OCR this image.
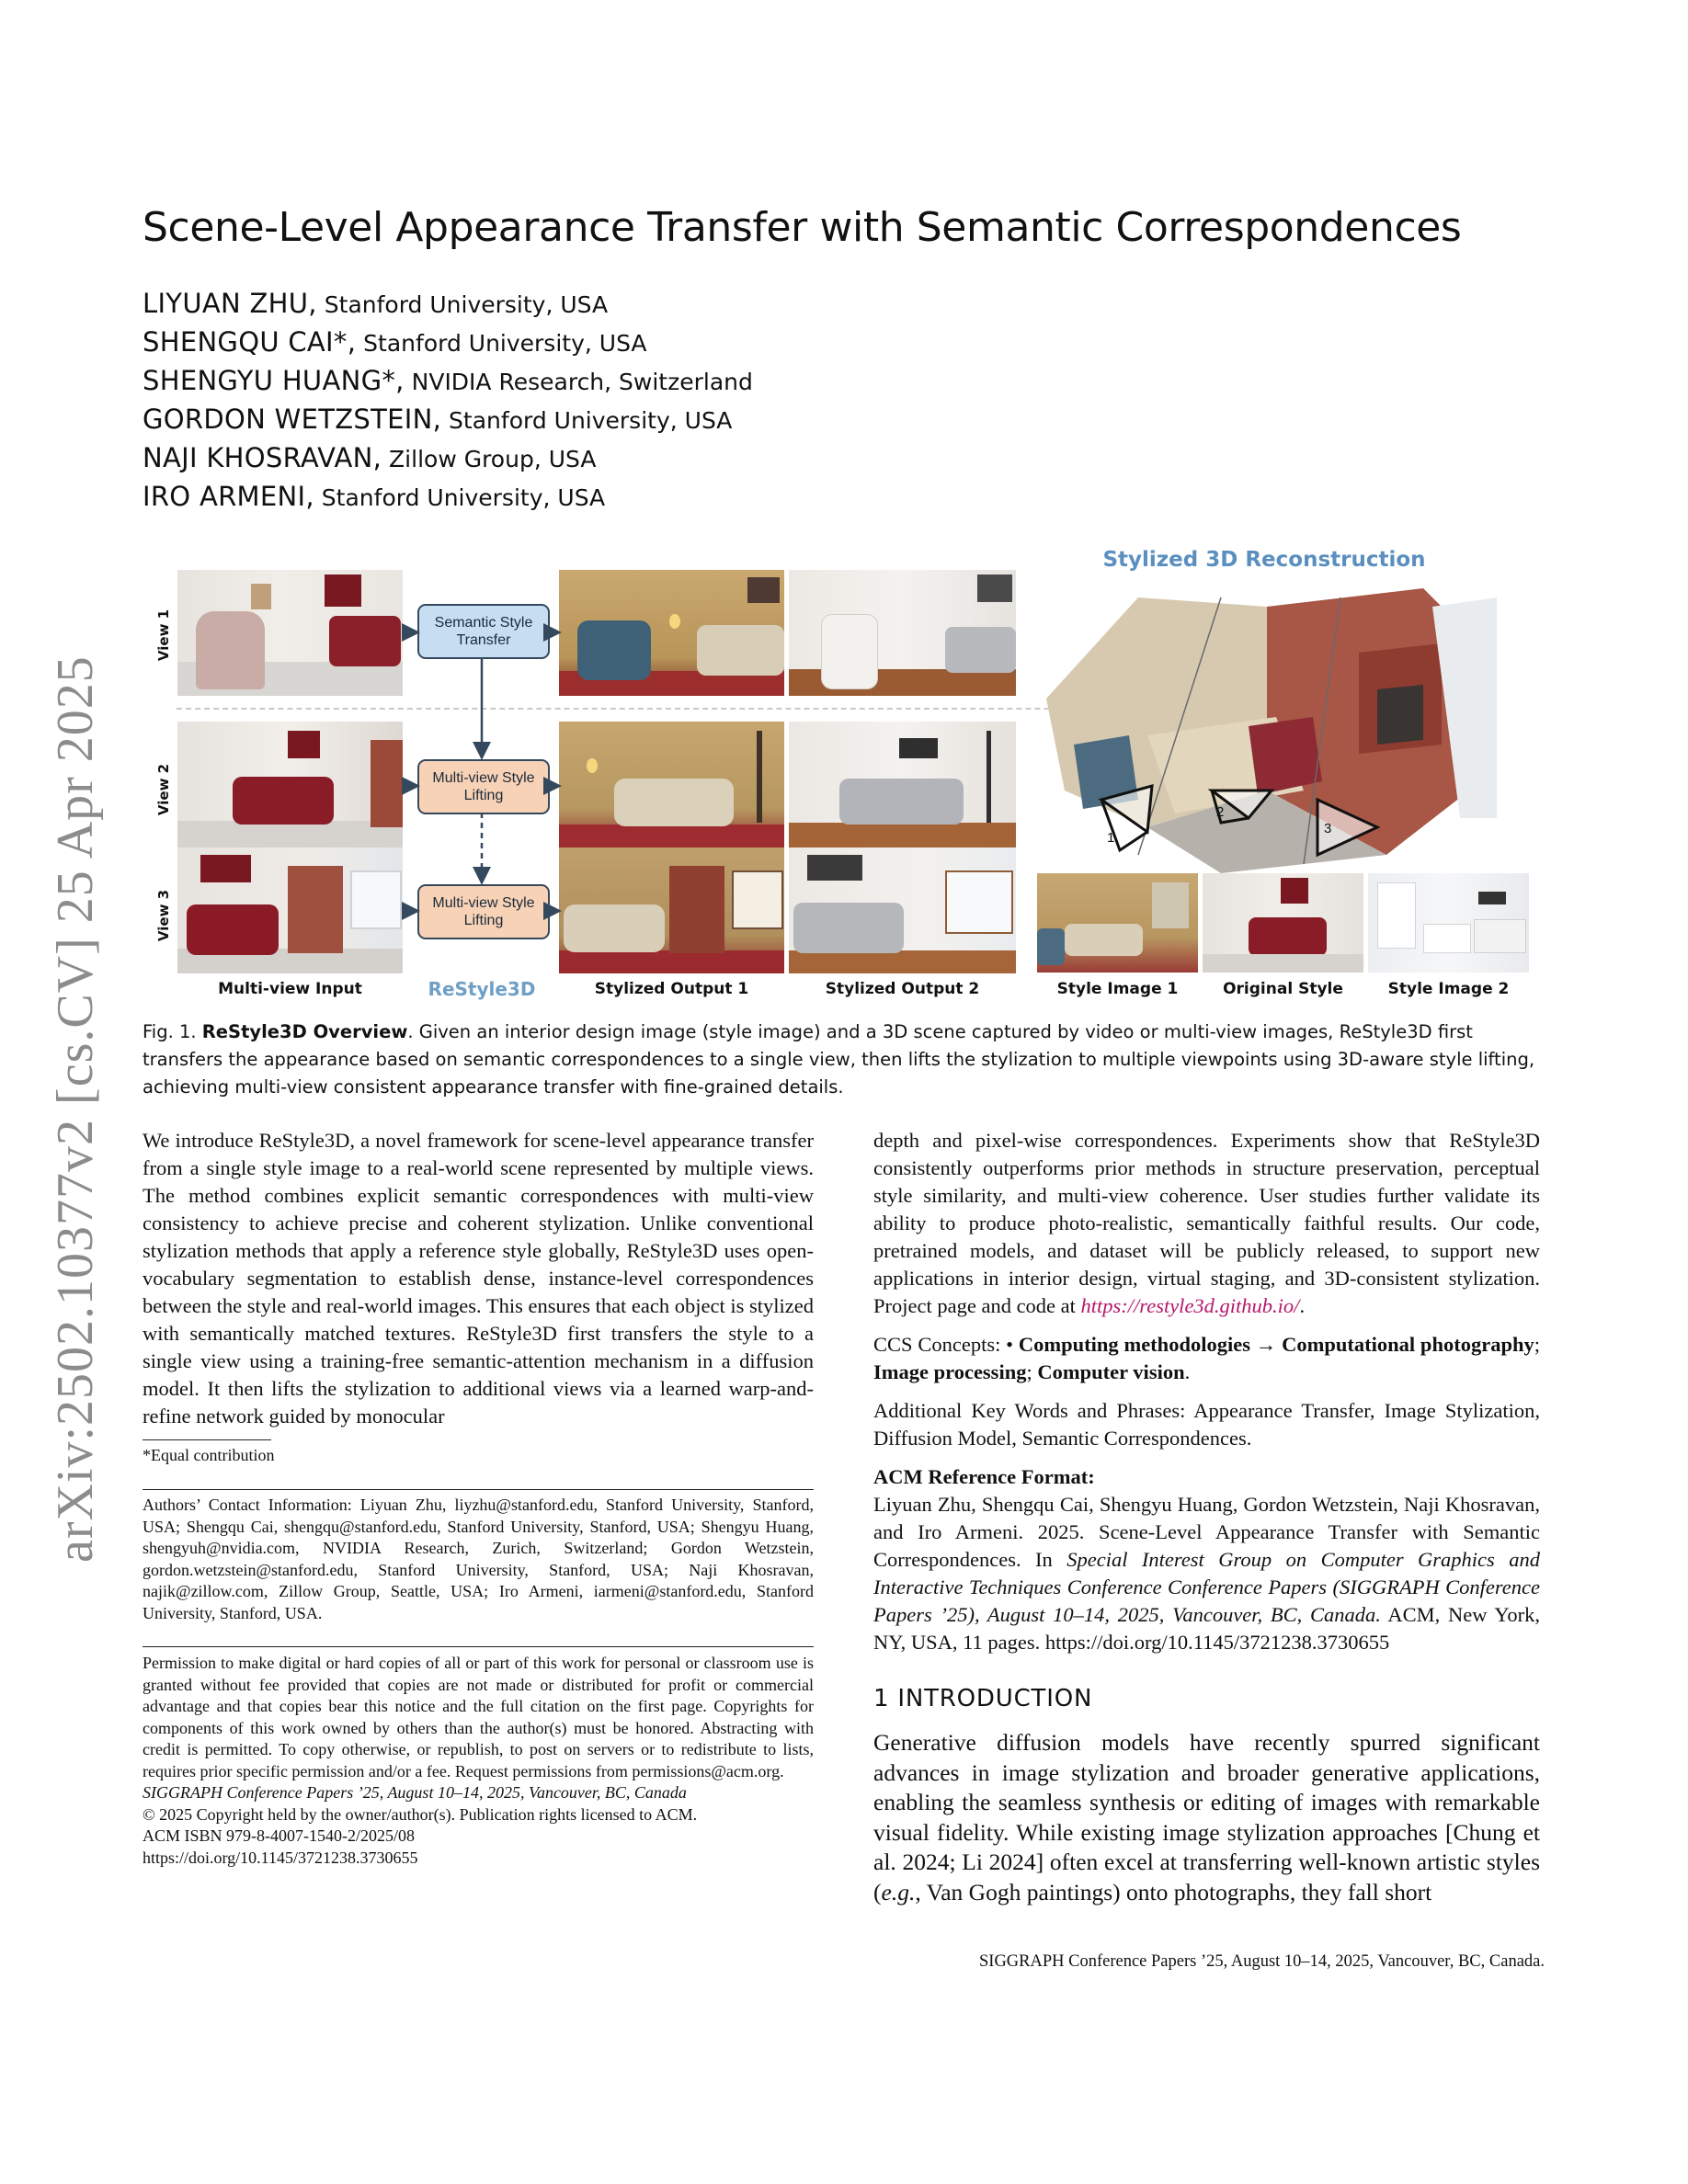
arXiv:2502.10377v2 [cs.CV] 25 Apr 2025
Scene-Level Appearance Transfer with Semantic Correspondences
LIYUAN ZHU, Stanford University, USA
SHENGQU CAI*, Stanford University, USA
SHENGYU HUANG*, NVIDIA Research, Switzerland
GORDON WETZSTEIN, Stanford University, USA
NAJI KHOSRAVAN, Zillow Group, USA
IRO ARMENI, Stanford University, USA
View 1
View 2
View 3
Semantic Style Transfer
Multi-view Style Lifting
Multi-view Style Lifting
Stylized 3D Reconstruction
1
2
3
Multi-view Input	ReStyle3D	Stylized Output 1	Stylized Output 2	Style Image 1	Original Style	Style Image 2

Fig. 1. ReStyle3D Overview. Given an interior design image (style image) and a 3D scene captured by video or multi-view images, ReStyle3D first transfers the appearance based on semantic correspondences to a single view, then lifts the stylization to multiple viewpoints using 3D-aware style lifting, achieving multi-view consistent appearance transfer with fine-grained details.

We introduce ReStyle3D, a novel framework for scene-level appearance transfer from a single style image to a real-world scene represented by multiple views. The method combines explicit semantic correspondences with multi-view consistency to achieve precise and coherent stylization. Unlike conventional stylization methods that apply a reference style globally, ReStyle3D uses open-vocabulary segmentation to establish dense, instance-level correspondences between the style and real-world images. This ensures that each object is stylized with semantically matched textures. ReStyle3D first transfers the style to a single view using a training-free semantic-attention mechanism in a diffusion model. It then lifts the stylization to additional views via a learned warp-and-refine network guided by monocular

*Equal contribution

Authors’ Contact Information: Liyuan Zhu, liyzhu@stanford.edu, Stanford University, Stanford, USA; Shengqu Cai, shengqu@stanford.edu, Stanford University, Stanford, USA; Shengyu Huang, shengyuh@nvidia.com, NVIDIA Research, Zurich, Switzerland; Gordon Wetzstein, gordon.wetzstein@stanford.edu, Stanford University, Stanford, USA; Naji Khosravan, najik@zillow.com, Zillow Group, Seattle, USA; Iro Armeni, iarmeni@stanford.edu, Stanford University, Stanford, USA.

Permission to make digital or hard copies of all or part of this work for personal or classroom use is granted without fee provided that copies are not made or distributed for profit or commercial advantage and that copies bear this notice and the full citation on the first page. Copyrights for components of this work owned by others than the author(s) must be honored. Abstracting with credit is permitted. To copy otherwise, or republish, to post on servers or to redistribute to lists, requires prior specific permission and/or a fee. Request permissions from permissions@acm.org.

SIGGRAPH Conference Papers ’25, August 10–14, 2025, Vancouver, BC, Canada

© 2025 Copyright held by the owner/author(s). Publication rights licensed to ACM.

ACM ISBN 979-8-4007-1540-2/2025/08

https://doi.org/10.1145/3721238.3730655

depth and pixel-wise correspondences. Experiments show that ReStyle3D consistently outperforms prior methods in structure preservation, perceptual style similarity, and multi-view coherence. User studies further validate its ability to produce photo-realistic, semantically faithful results. Our code, pretrained models, and dataset will be publicly released, to support new applications in interior design, virtual staging, and 3D-consistent stylization. Project page and code at https://restyle3d.github.io/.

CCS Concepts: • Computing methodologies → Computational photography; Image processing; Computer vision.

Additional Key Words and Phrases: Appearance Transfer, Image Stylization, Diffusion Model, Semantic Correspondences.

ACM Reference Format:

Liyuan Zhu, Shengqu Cai, Shengyu Huang, Gordon Wetzstein, Naji Khosravan, and Iro Armeni. 2025. Scene-Level Appearance Transfer with Semantic Correspondences. In Special Interest Group on Computer Graphics and Interactive Techniques Conference Conference Papers (SIGGRAPH Conference Papers ’25), August 10–14, 2025, Vancouver, BC, Canada. ACM, New York, NY, USA, 11 pages. https://doi.org/10.1145/3721238.3730655

1 INTRODUCTION

Generative diffusion models have recently spurred significant advances in image stylization and broader generative applications, enabling the seamless synthesis or editing of images with remarkable visual fidelity. While existing image stylization approaches [Chung et al. 2024; Li 2024] often excel at transferring well-known artistic styles (e.g., Van Gogh paintings) onto photographs, they fall short

SIGGRAPH Conference Papers ’25, August 10–14, 2025, Vancouver, BC, Canada.
